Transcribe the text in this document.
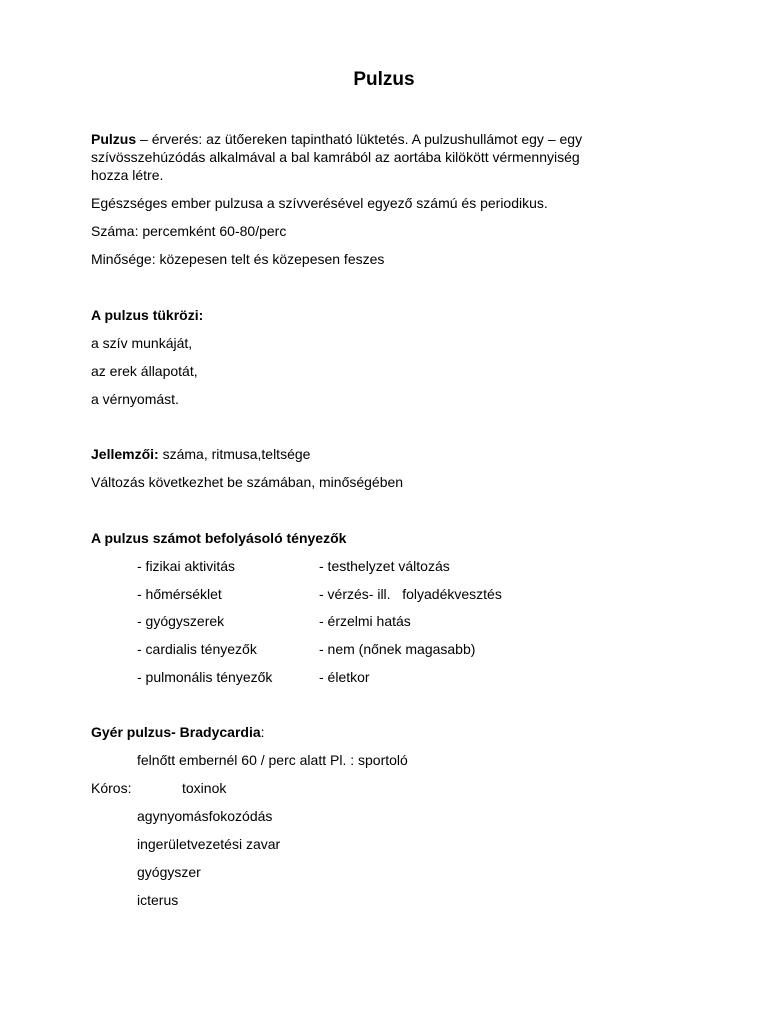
Pulzus
Pulzus – érverés: az ütőereken tapintható lüktetés. A pulzushullámot egy – egy
szívösszehúzódás alkalmával a bal kamrából az aortába kilökött vérmennyiség
hozza létre.
Egészséges ember pulzusa a szívverésével egyező számú és periodikus.
Száma: percemként 60-80/perc
Minősége: közepesen telt és közepesen feszes
A pulzus tükrözi:
a szív munkáját,
az erek állapotát,
a vérnyomást.
Jellemzői: száma, ritmusa,teltsége
Változás következhet be számában, minőségében
A pulzus számot befolyásoló tényezők
- fizikai aktivitás	- testhelyzet változás
- hőmérséklet	- vérzés- ill.   folyadékvesztés
- gyógyszerek	- érzelmi hatás
- cardialis tényezők	- nem (nőnek magasabb)
- pulmonális tényezők	- életkor
Gyér pulzus- Bradycardia:
felnőtt embernél 60 / perc alatt Pl. : sportoló
Kóros:	toxinok
agynyomásfokozódás
ingerületvezetési zavar
gyógyszer
icterus
